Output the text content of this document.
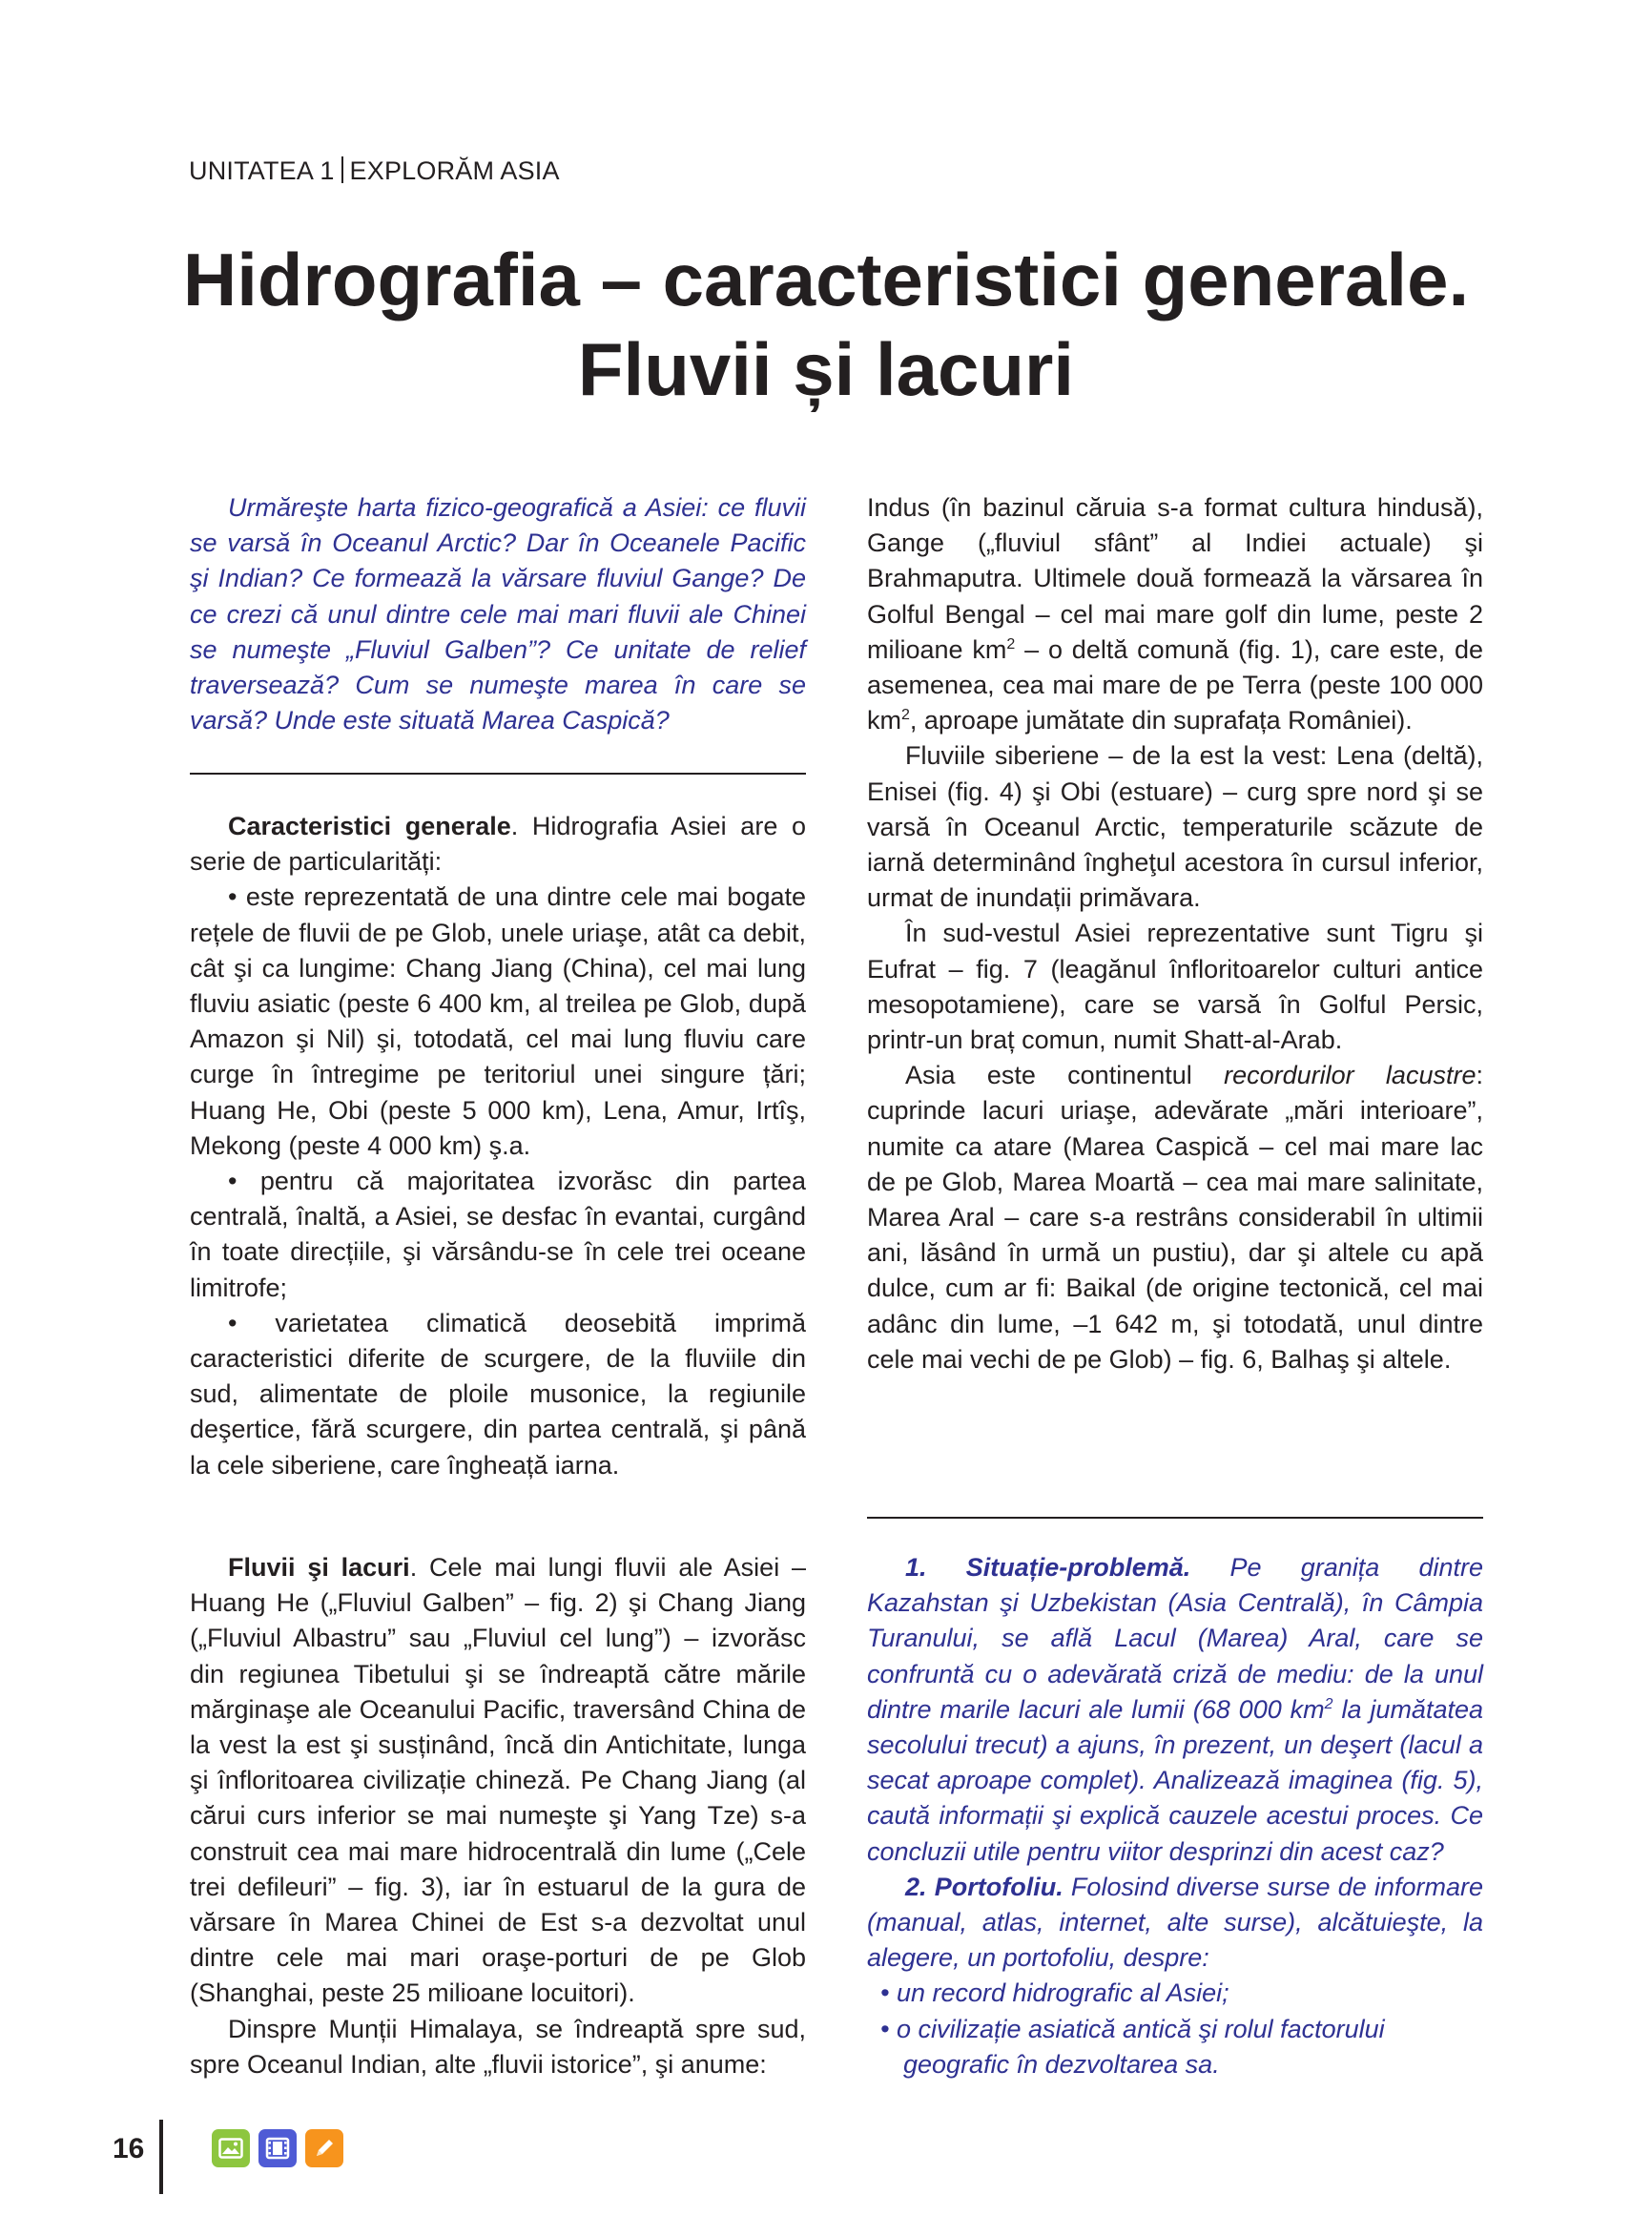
UNITATEA 1 EXPLORĂM ASIA
Hidrografia – caracteristici generale.
Fluvii și lacuri

Urmăreşte harta fizico-geografică a Asiei: ce fluvii se varsă în Oceanul Arctic? Dar în Oceanele Pacific şi Indian? Ce formează la vărsare fluviul Gange? De ce crezi că unul dintre cele mai mari fluvii ale Chinei se numeşte „Fluviul Galben”? Ce unitate de relief traversează? Cum se numeşte marea în care se varsă? Unde este situată Marea Caspică?

Caracteristici generale. Hidrografia Asiei are o serie de particularități:

• este reprezentată de una dintre cele mai bogate rețele de fluvii de pe Glob, unele uriaşe, atât ca debit, cât şi ca lungime: Chang Jiang (China), cel mai lung fluviu asiatic (peste 6 400 km, al treilea pe Glob, după Amazon şi Nil) şi, totodată, cel mai lung fluviu care curge în întregime pe teritoriul unei singure țări; Huang He, Obi (peste 5 000 km), Lena, Amur, Irtîş, Mekong (peste 4 000 km) ş.a.

• pentru că majoritatea izvorăsc din partea centrală, înaltă, a Asiei, se desfac în evantai, curgând în toate direcțiile, şi vărsându-se în cele trei oceane limitrofe;

• varietatea climatică deosebită imprimă caracteristici diferite de scurgere, de la fluviile din sud, alimentate de ploile musonice, la regiunile deşertice, fără scurgere, din partea centrală, şi până la cele siberiene, care îngheață iarna.

Fluvii şi lacuri. Cele mai lungi fluvii ale Asiei – Huang He („Fluviul Galben” – fig. 2) şi Chang Jiang („Fluviul Albastru” sau „Fluviul cel lung”) – izvorăsc din regiunea Tibetului şi se îndreaptă către mările mărginaşe ale Oceanului Pacific, traversând China de la vest la est şi susținând, încă din Antichitate, lunga şi înfloritoarea civilizație chineză. Pe Chang Jiang (al cărui curs inferior se mai numeşte şi Yang Tze) s-a construit cea mai mare hidrocentrală din lume („Cele trei defileuri” – fig. 3), iar în estuarul de la gura de vărsare în Marea Chinei de Est s-a dezvoltat unul dintre cele mai mari oraşe-porturi de pe Glob (Shanghai, peste 25 milioane locuitori).

Dinspre Munții Himalaya, se îndreaptă spre sud, spre Oceanul Indian, alte „fluvii istorice”, şi anume:

Indus (în bazinul căruia s-a format cultura hindusă), Gange („fluviul sfânt” al Indiei actuale) şi Brahmaputra. Ultimele două formează la vărsarea în Golful Bengal – cel mai mare golf din lume, peste 2 milioane $km^2$ – o deltă comună (fig. 1), care este, de asemenea, cea mai mare de pe Terra (peste 100 000 $km^2$, aproape jumătate din suprafața României).

Fluviile siberiene – de la est la vest: Lena (deltă), Enisei (fig. 4) şi Obi (estuare) – curg spre nord şi se varsă în Oceanul Arctic, temperaturile scăzute de iarnă determinând îngheţul acestora în cursul inferior, urmat de inundații primăvara.

În sud-vestul Asiei reprezentative sunt Tigru şi Eufrat – fig. 7 (leagănul înfloritoarelor culturi antice mesopotamiene), care se varsă în Golful Persic, printr-un braț comun, numit Shatt-al-Arab.

Asia este continentul recordurilor lacustre: cuprinde lacuri uriaşe, adevărate „mări interioare”, numite ca atare (Marea Caspică – cel mai mare lac de pe Glob, Marea Moartă – cea mai mare salinitate, Marea Aral – care s-a restrâns considerabil în ultimii ani, lăsând în urmă un pustiu), dar şi altele cu apă dulce, cum ar fi: Baikal (de origine tectonică, cel mai adânc din lume, –1 642 m, şi totodată, unul dintre cele mai vechi de pe Glob) – fig. 6, Balhaş şi altele.

1. Situație-problemă. Pe granița dintre Kazahstan şi Uzbekistan (Asia Centrală), în Câmpia Turanului, se află Lacul (Marea) Aral, care se confruntă cu o adevărată criză de mediu: de la unul dintre marile lacuri ale lumii (68 000 $km^2$ la jumătatea secolului trecut) a ajuns, în prezent, un deşert (lacul a secat aproape complet). Analizează imaginea (fig. 5), caută informații şi explică cauzele acestui proces. Ce concluzii utile pentru viitor desprinzi din acest caz?

2. Portofoliu. Folosind diverse surse de informare (manual, atlas, internet, alte surse), alcătuieşte, la alegere, un portofoliu, despre:

• un record hidrografic al Asiei;

• o civilizație asiatică antică şi rolul factorului geografic în dezvoltarea sa.

16
